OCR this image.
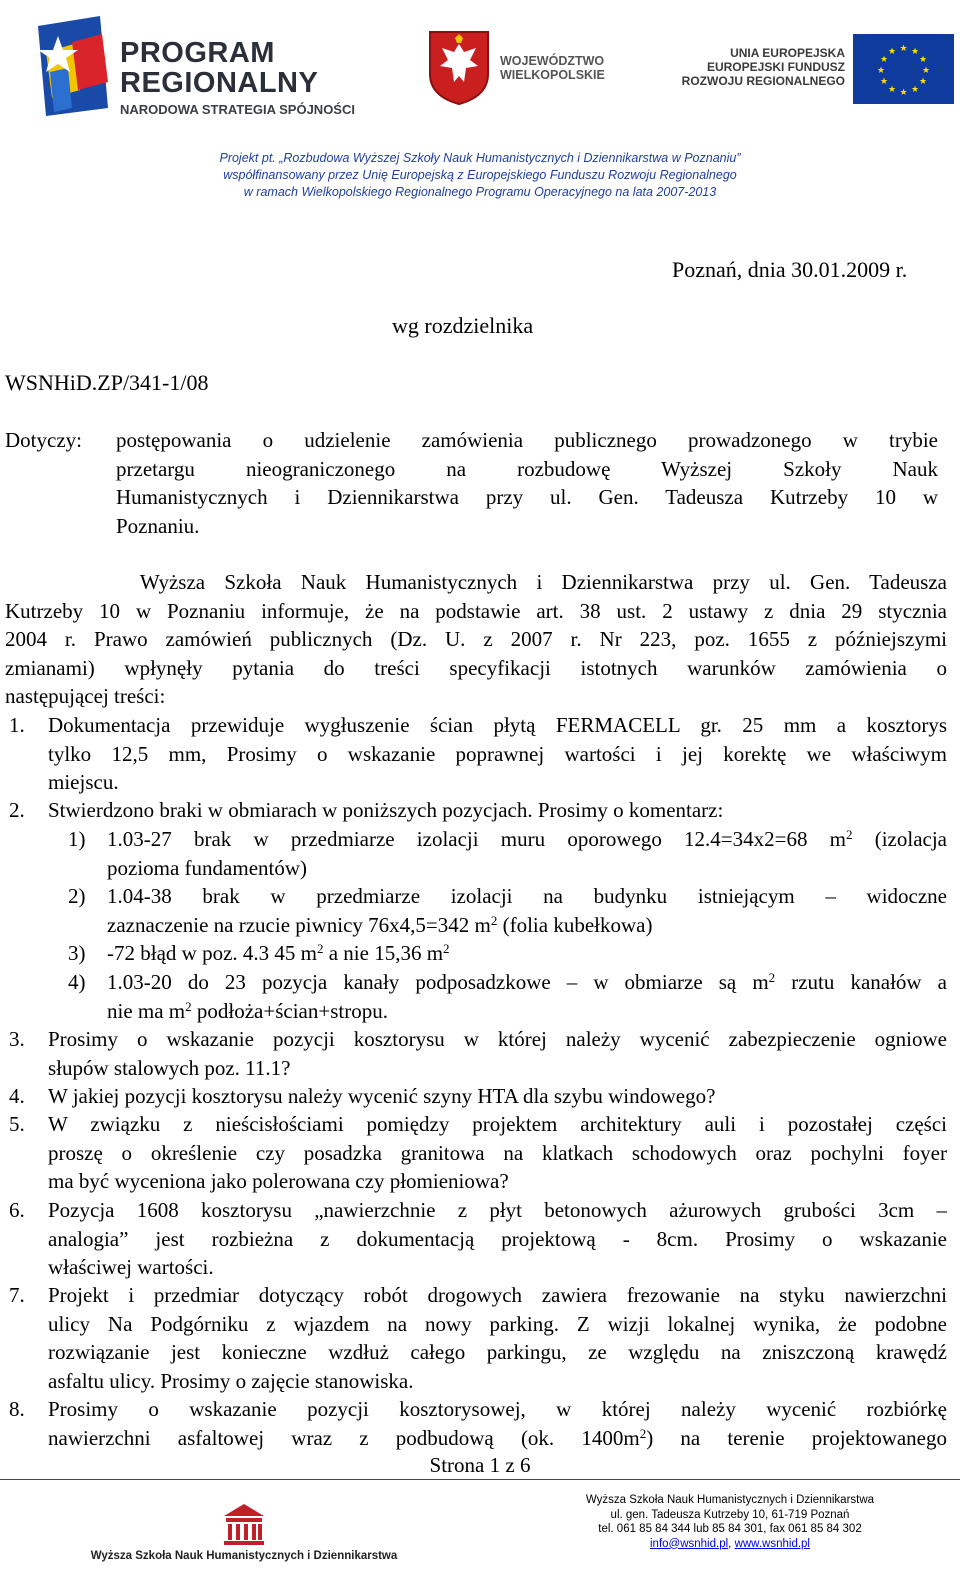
PROGRAM
REGIONALNY
NARODOWA STRATEGIA SPÓJNOŚCI
WOJEWÓDZTWO
WIELKOPOLSKIE
UNIA EUROPEJSKA
EUROPEJSKI FUNDUSZ
ROZWOJU REGIONALNEGO
★ ★
★
★
★
★
★
★
★
★
★
★
Projekt pt. „Rozbudowa Wyższej Szkoły Nauk Humanistycznych i Dziennikarstwa w Poznaniu”
współfinansowany przez Unię Europejską z Europejskiego Funduszu Rozwoju Regionalnego
w ramach Wielkopolskiego Regionalnego Programu Operacyjnego na lata 2007-2013
Poznań, dnia 30.01.2009 r.
wg rozdzielnika
WSNHiD.ZP/341-1/08
Dotyczy: postępowania o udzielenie zamówienia publicznego prowadzonego w trybie
przetargu nieograniczonego na rozbudowę Wyższej Szkoły Nauk
Humanistycznych i Dziennikarstwa przy ul. Gen. Tadeusza Kutrzeby 10 w
Poznaniu.
Wyższa Szkoła Nauk Humanistycznych i Dziennikarstwa przy ul. Gen. Tadeusza
Kutrzeby 10 w Poznaniu informuje, że na podstawie art. 38 ust. 2 ustawy z dnia 29 stycznia
2004 r. Prawo zamówień publicznych (Dz. U. z 2007 r. Nr 223, poz. 1655 z późniejszymi
zmianami) wpłynęły pytania do treści specyfikacji istotnych warunków zamówienia o
następującej treści:
1. Dokumentacja przewiduje wygłuszenie ścian płytą FERMACELL gr. 25 mm a kosztorys
tylko 12,5 mm, Prosimy o wskazanie poprawnej wartości i jej korektę we właściwym
miejscu.
2. Stwierdzono braki w obmiarach w poniższych pozycjach. Prosimy o komentarz:
1) 1.03-27 brak w przedmiarze izolacji muru oporowego 12.4=34x2=68 $m^2$ (izolacja
pozioma fundamentów)
2) 1.04-38 brak w przedmiarze izolacji na budynku istniejącym – widoczne
zaznaczenie na rzucie piwnicy 76x4,5=342 $m^2$ (folia kubełkowa)
3) -72 błąd w poz. 4.3 45 $m^2$ a nie 15,36 $m^2$
4) 1.03-20 do 23 pozycja kanały podposadzkowe – w obmiarze są $m^2$ rzutu kanałów a
nie ma $m^2$ podłoża+ścian+stropu.
3. Prosimy o wskazanie pozycji kosztorysu w której należy wycenić zabezpieczenie ogniowe
słupów stalowych poz. 11.1?
4. W jakiej pozycji kosztorysu należy wycenić szyny HTA dla szybu windowego?
5. W związku z nieścisłościami pomiędzy projektem architektury auli i pozostałej części
proszę o określenie czy posadzka granitowa na klatkach schodowych oraz pochylni foyer
ma być wyceniona jako polerowana czy płomieniowa?
6. Pozycja 1608 kosztorysu „nawierzchnie z płyt betonowych ażurowych grubości 3cm –
analogia” jest rozbieżna z dokumentacją projektową - 8cm. Prosimy o wskazanie
właściwej wartości.
7. Projekt i przedmiar dotyczący robót drogowych zawiera frezowanie na styku nawierzchni
ulicy Na Podgórniku z wjazdem na nowy parking. Z wizji lokalnej wynika, że podobne
rozwiązanie jest konieczne wzdłuż całego parkingu, ze względu na zniszczoną krawędź
asfaltu ulicy. Prosimy o zajęcie stanowiska.
8. Prosimy o wskazanie pozycji kosztorysowej, w której należy wycenić rozbiórkę
nawierzchni asfaltowej wraz z podbudową (ok. $1400m^2$) na terenie projektowanego
Strona 1 z 6
Wyższa Szkoła Nauk Humanistycznych i Dziennikarstwa
Wyższa Szkoła Nauk Humanistycznych i Dziennikarstwa
ul. gen. Tadeusza Kutrzeby 10, 61-719 Poznań
tel. 061 85 84 344 lub 85 84 301, fax 061 85 84 302
info@wsnhid.pl, www.wsnhid.pl
